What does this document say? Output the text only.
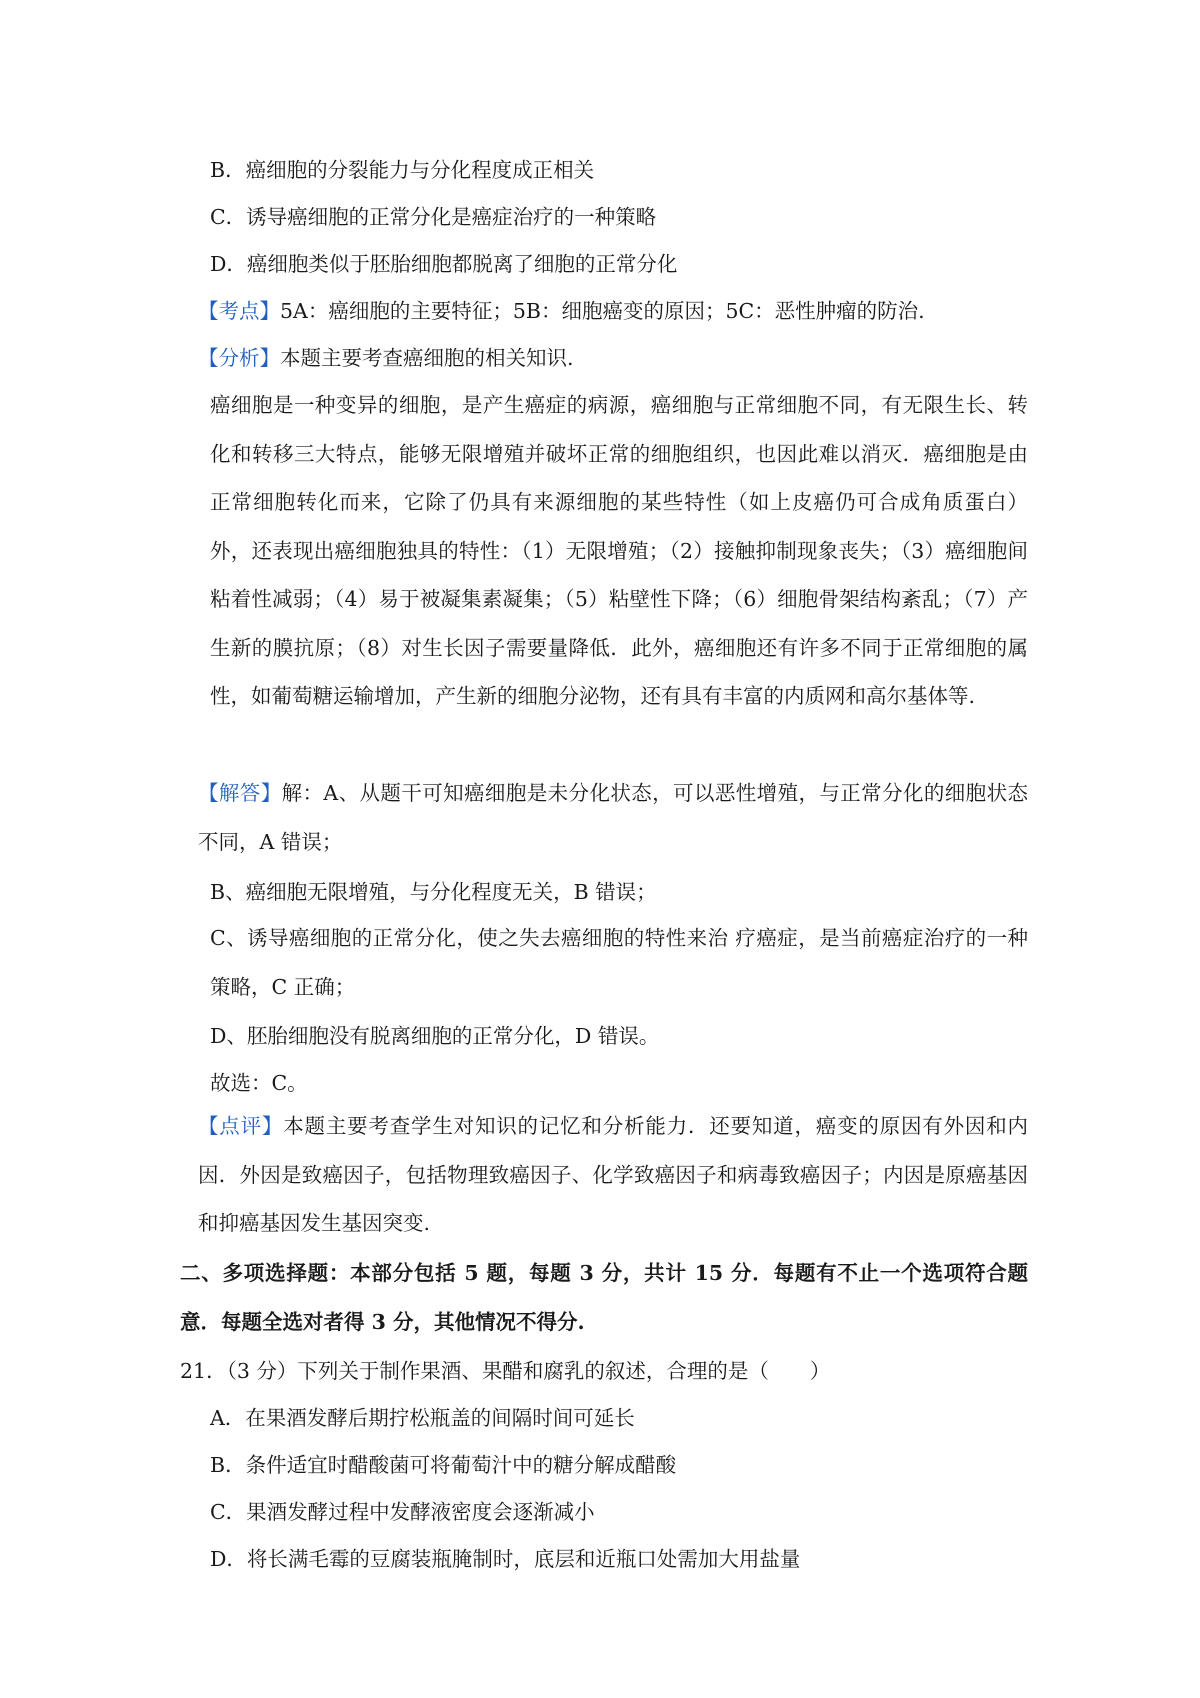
B．癌细胞的分裂能力与分化程度成正相关
C．诱导癌细胞的正常分化是癌症治疗的一种策略
D．癌细胞类似于胚胎细胞都脱离了细胞的正常分化
【考点】5A：癌细胞的主要特征；5B：细胞癌变的原因；5C：恶性肿瘤的防治.
【分析】本题主要考查癌细胞的相关知识.
癌细胞是一种变异的细胞，是产生癌症的病源，癌细胞与正常细胞不同，有无限生长、转化和转移三大特点，能够无限增殖并破坏正常的细胞组织，也因此难以消灭．癌细胞是由正常细胞转化而来，它除了仍具有来源细胞的某些特性（如上皮癌仍可合成角质蛋白）外，还表现出癌细胞独具的特性：（1）无限增殖；（2）接触抑制现象丧失；（3）癌细胞间粘着性减弱；（4）易于被凝集素凝集；（5）粘壁性下降；（6）细胞骨架结构紊乱；（7）产生新的膜抗原；（8）对生长因子需要量降低．此外，癌细胞还有许多不同于正常细胞的属性，如葡萄糖运输增加，产生新的细胞分泌物，还有具有丰富的内质网和高尔基体等.
【解答】解：A、从题干可知癌细胞是未分化状态，可以恶性增殖，与正常分化的细胞状态不同，A 错误；
B、癌细胞无限增殖，与分化程度无关，B 错误；
C、诱导癌细胞的正常分化，使之失去癌细胞的特性来治 疗癌症，是当前癌症治疗的一种策略，C 正确；
D、胚胎细胞没有脱离细胞的正常分化，D 错误。
故选：C。
【点评】本题主要考查学生对知识的记忆和分析能力．还要知道，癌变的原因有外因和内因．外因是致癌因子，包括物理致癌因子、化学致癌因子和病毒致癌因子；内因是原癌基因和抑癌基因发生基因突变.
二、多项选择题：本部分包括 5 题，每题 3 分，共计 15 分．每题有不止一个选项符合题意．每题全选对者得 3 分，其他情况不得分.
21．（3 分）下列关于制作果酒、果醋和腐乳的叙述，合理的是（　　）
A．在果酒发酵后期拧松瓶盖的间隔时间可延长
B．条件适宜时醋酸菌可将葡萄汁中的糖分解成醋酸
C．果酒发酵过程中发酵液密度会逐渐减小
D．将长满毛霉的豆腐装瓶腌制时，底层和近瓶口处需加大用盐量
